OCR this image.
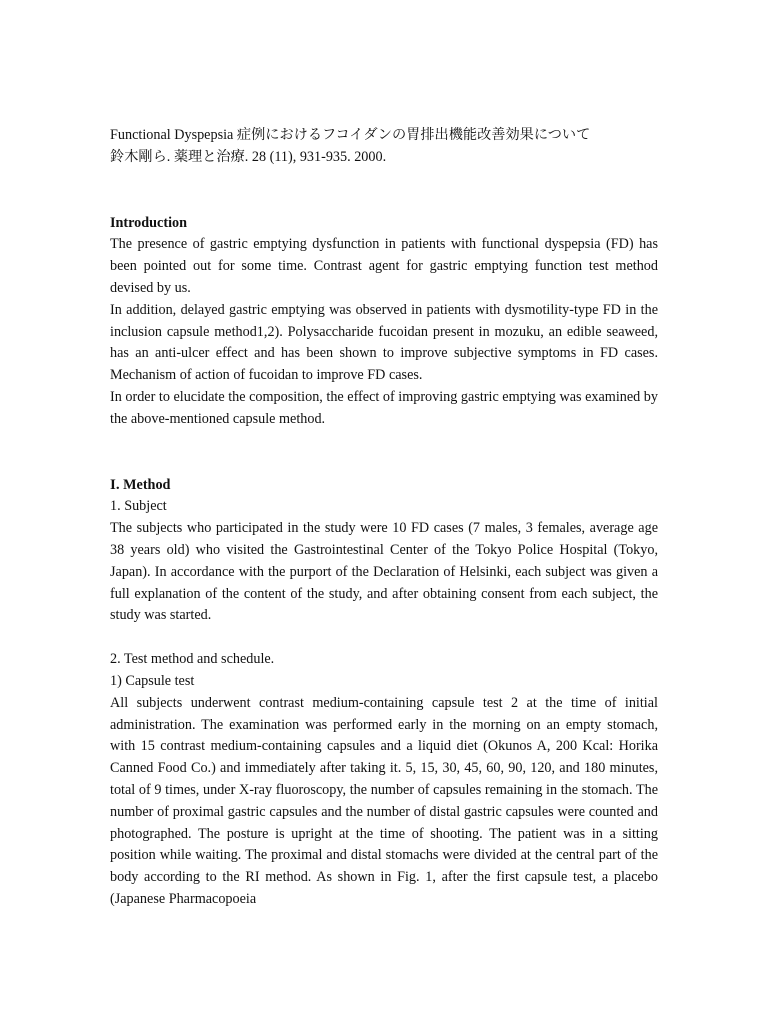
Functional Dyspepsia 症例におけるフコイダンの胃排出機能改善効果について

鈴木剛ら. 薬理と治療. 28 (11), 931-935. 2000.

Introduction

The presence of gastric emptying dysfunction in patients with functional dyspepsia (FD) has been pointed out for some time. Contrast agent for gastric emptying function test method devised by us.

In addition, delayed gastric emptying was observed in patients with dysmotility-type FD in the inclusion capsule method1,2). Polysaccharide fucoidan present in mozuku, an edible seaweed, has an anti-ulcer effect and has been shown to improve subjective symptoms in FD cases. Mechanism of action of fucoidan to improve FD cases.

In order to elucidate the composition, the effect of improving gastric emptying was examined by the above-mentioned capsule method.

I. Method

1. Subject

The subjects who participated in the study were 10 FD cases (7 males, 3 females, average age 38 years old) who visited the Gastrointestinal Center of the Tokyo Police Hospital (Tokyo, Japan). In accordance with the purport of the Declaration of Helsinki, each subject was given a full explanation of the content of the study, and after obtaining consent from each subject, the study was started.

2. Test method and schedule.

1) Capsule test

All subjects underwent contrast medium-containing capsule test 2 at the time of initial administration. The examination was performed early in the morning on an empty stomach, with 15 contrast medium-containing capsules and a liquid diet (Okunos A, 200 Kcal: Horika Canned Food Co.) and immediately after taking it. 5, 15, 30, 45, 60, 90, 120, and 180 minutes, total of 9 times, under X-ray fluoroscopy, the number of capsules remaining in the stomach. The number of proximal gastric capsules and the number of distal gastric capsules were counted and photographed. The posture is upright at the time of shooting. The patient was in a sitting position while waiting. The proximal and distal stomachs were divided at the central part of the body according to the RI method. As shown in Fig. 1, after the first capsule test, a placebo (Japanese Pharmacopoeia
